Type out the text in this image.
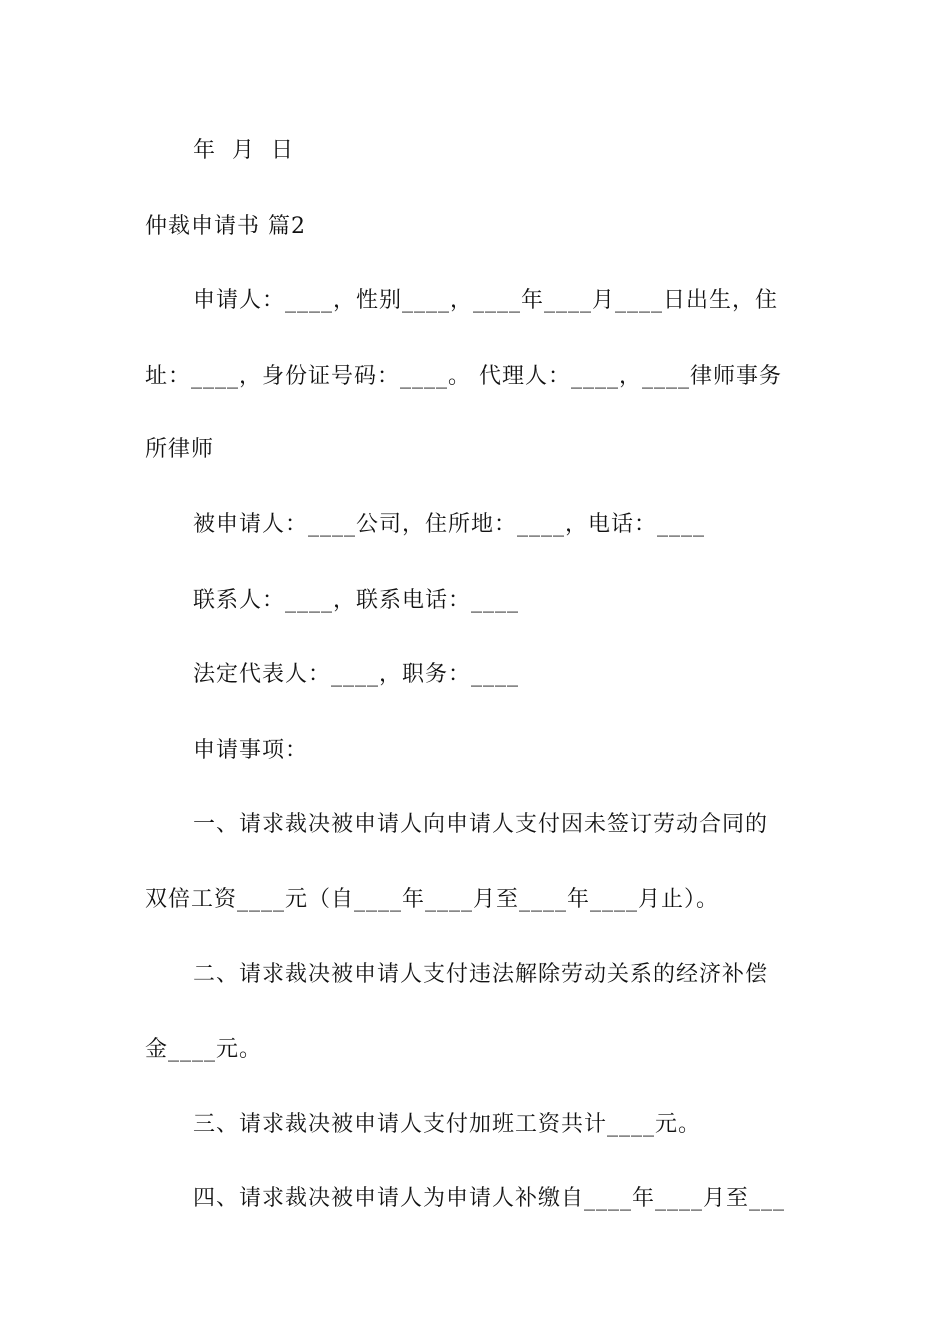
年  月  日

仲裁申请书 篇2

申请人：____，性别____，____年____月____日出生，住

址：____，身份证号码：____。 代理人：____，____律师事务

所律师

被申请人：____公司，住所地：____，电话：____

联系人：____，联系电话：____

法定代表人：____，职务：____

申请事项：

一、请求裁决被申请人向申请人支付因未签订劳动合同的

双倍工资____元（自____年____月至____年____月止）。

二、请求裁决被申请人支付违法解除劳动关系的经济补偿

金____元。

三、请求裁决被申请人支付加班工资共计____元。

四、请求裁决被申请人为申请人补缴自____年____月至___
